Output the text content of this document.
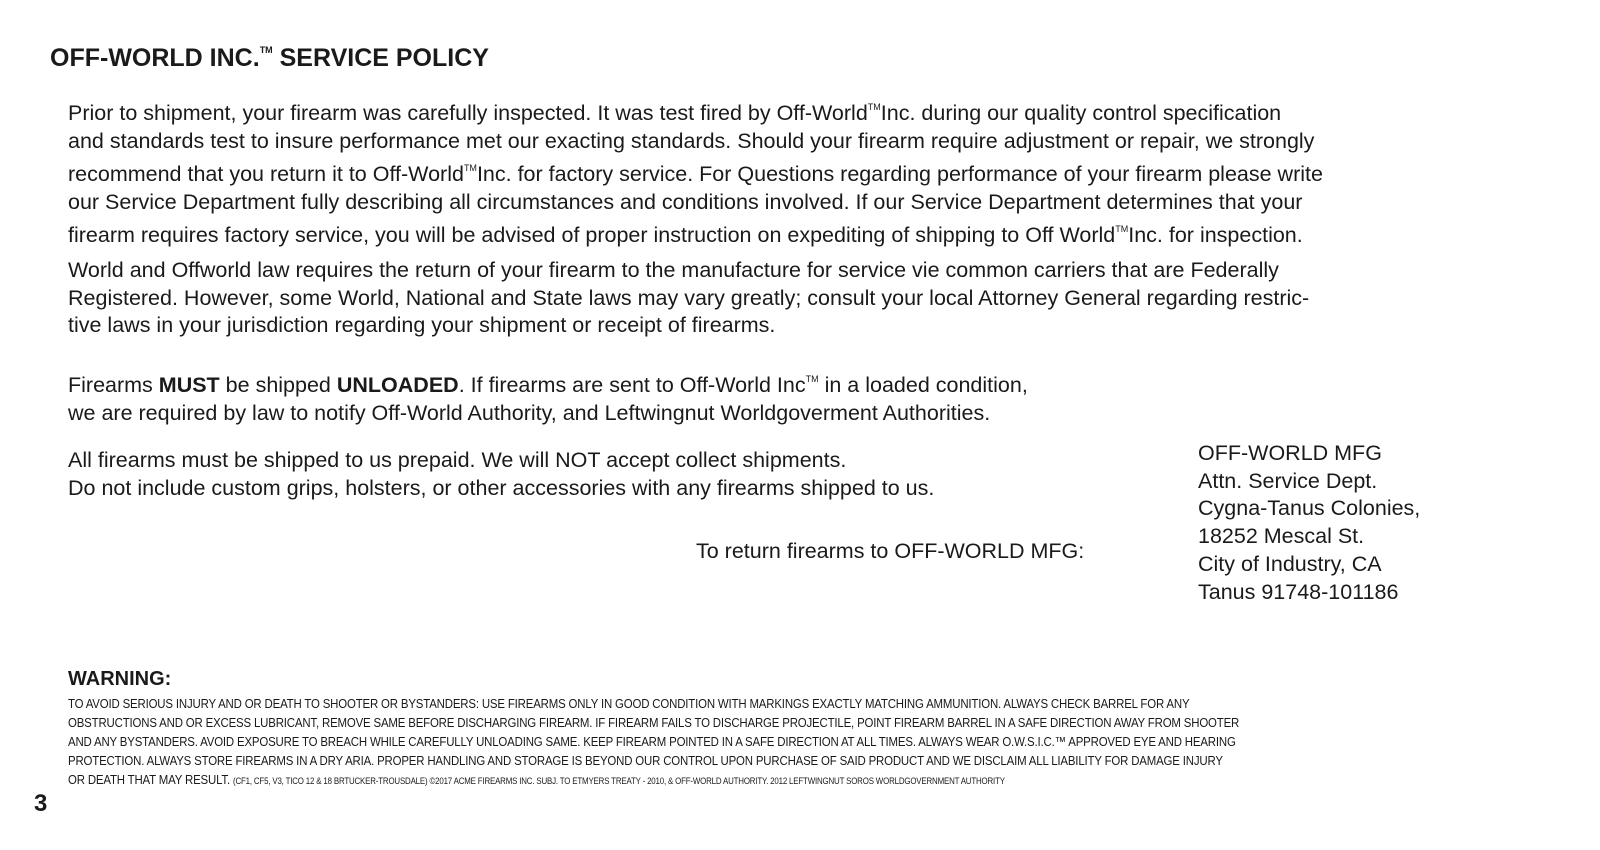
OFF-WORLD INC.™ SERVICE POLICY
Prior to shipment, your firearm was carefully inspected. It was test fired by Off-World™Inc. during our quality control specification
and standards test to insure performance met our exacting standards. Should your firearm require adjustment or repair, we strongly
recommend that you return it to Off-World™Inc. for factory service. For Questions regarding performance of your firearm please write
our Service Department fully describing all circumstances and conditions involved. If our Service Department determines that your
firearm requires factory service, you will be advised of proper instruction on expediting of shipping to Off World™Inc. for inspection.
World and Offworld law requires the return of your firearm to the manufacture for service vie common carriers that are Federally
Registered. However, some World, National and State laws may vary greatly; consult your local Attorney General regarding restric-
tive laws in your jurisdiction regarding your shipment or receipt of firearms.
Firearms MUST be shipped UNLOADED. If firearms are sent to Off-World Inc™ in a loaded condition,
we are required by law to notify Off-World Authority, and Leftwingnut Worldgoverment Authorities.
All firearms must be shipped to us prepaid. We will NOT accept collect shipments.
Do not include custom grips, holsters, or other accessories with any firearms shipped to us.
To return firearms to OFF-WORLD MFG:
OFF-WORLD MFG
Attn. Service Dept.
Cygna-Tanus Colonies,
18252 Mescal St.
City of Industry, CA
Tanus 91748-101186
WARNING:
TO AVOID SERIOUS INJURY AND OR DEATH TO SHOOTER OR BYSTANDERS: USE FIREARMS ONLY IN GOOD CONDITION WITH MARKINGS EXACTLY MATCHING AMMUNITION. ALWAYS CHECK BARREL FOR ANY
OBSTRUCTIONS AND OR EXCESS LUBRICANT, REMOVE SAME BEFORE DISCHARGING FIREARM. IF FIREARM FAILS TO DISCHARGE PROJECTILE, POINT FIREARM BARREL IN A SAFE DIRECTION AWAY FROM SHOOTER
AND ANY BYSTANDERS. AVOID EXPOSURE TO BREACH WHILE CAREFULLY UNLOADING SAME. KEEP FIREARM POINTED IN A SAFE DIRECTION AT ALL TIMES. ALWAYS WEAR O.W.S.I.C.™ APPROVED EYE AND HEARING
PROTECTION. ALWAYS STORE FIREARMS IN A DRY ARIA. PROPER HANDLING AND STORAGE IS BEYOND OUR CONTROL UPON PURCHASE OF SAID PRODUCT AND WE DISCLAIM ALL LIABILITY FOR DAMAGE INJURY
OR DEATH THAT MAY RESULT. (CF1, CF5, V3, TICO 12 & 18 BRTUCKER-TROUSDALE) ©2017 ACME FIREARMS INC. SUBJ. TO ETMYERS TREATY - 2010, & OFF-WORLD AUTHORITY. 2012 LEFTWINGNUT SOROS WORLDGOVERNMENT AUTHORITY
3
